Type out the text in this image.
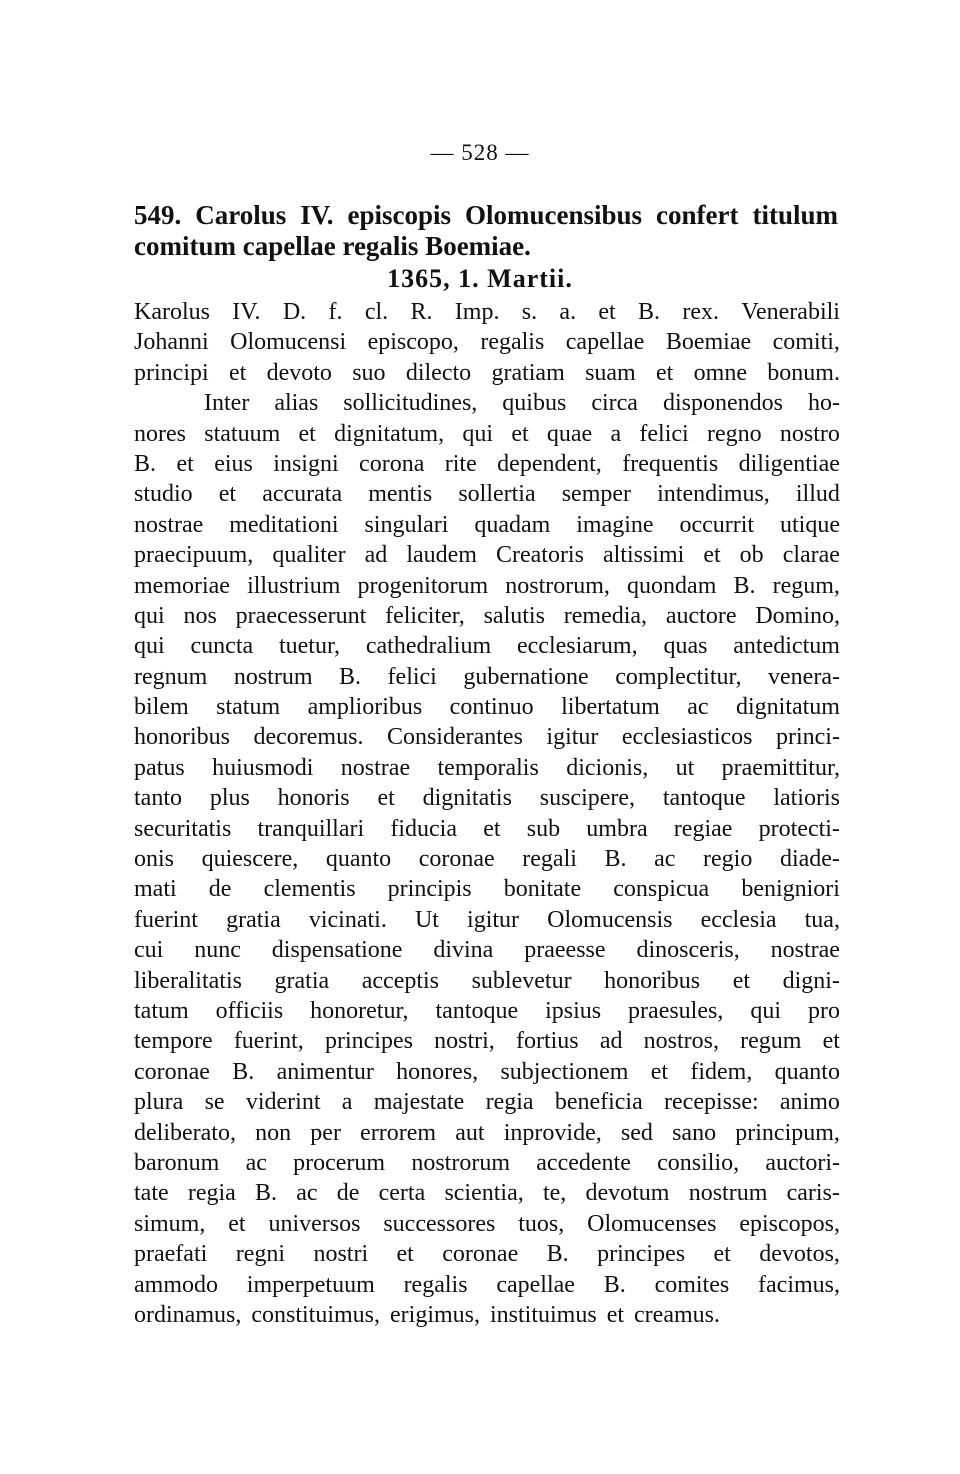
— 528 —
549. Carolus IV. episcopis Olomucensibus confert titulum comitum capellae regalis Boemiae.
1365, 1. Martii.
Karolus IV. D. f. cl. R. Imp. s. a. et B. rex. Venerabili
Johanni Olomucensi episcopo, regalis capellae Boemiae comiti,
principi et devoto suo dilecto gratiam suam et omne bonum.
Inter alias sollicitudines, quibus circa disponendos ho-
nores statuum et dignitatum, qui et quae a felici regno nostro
B. et eius insigni corona rite dependent, frequentis diligentiae
studio et accurata mentis sollertia semper intendimus, illud
nostrae meditationi singulari quadam imagine occurrit utique
praecipuum, qualiter ad laudem Creatoris altissimi et ob clarae
memoriae illustrium progenitorum nostrorum, quondam B. regum,
qui nos praecesserunt feliciter, salutis remedia, auctore Domino,
qui cuncta tuetur, cathedralium ecclesiarum, quas antedictum
regnum nostrum B. felici gubernatione complectitur, venera-
bilem statum amplioribus continuo libertatum ac dignitatum
honoribus decoremus. Considerantes igitur ecclesiasticos princi-
patus huiusmodi nostrae temporalis dicionis, ut praemittitur,
tanto plus honoris et dignitatis suscipere, tantoque latioris
securitatis tranquillari fiducia et sub umbra regiae protecti-
onis quiescere, quanto coronae regali B. ac regio diade-
mati de clementis principis bonitate conspicua benigniori
fuerint gratia vicinati. Ut igitur Olomucensis ecclesia tua,
cui nunc dispensatione divina praeesse dinosceris, nostrae
liberalitatis gratia acceptis sublevetur honoribus et digni-
tatum officiis honoretur, tantoque ipsius praesules, qui pro
tempore fuerint, principes nostri, fortius ad nostros, regum et
coronae B. animentur honores, subjectionem et fidem, quanto
plura se viderint a majestate regia beneficia recepisse: animo
deliberato, non per errorem aut inprovide, sed sano principum,
baronum ac procerum nostrorum accedente consilio, auctori-
tate regia B. ac de certa scientia, te, devotum nostrum caris-
simum, et universos successores tuos, Olomucenses episcopos,
praefati regni nostri et coronae B. principes et devotos,
ammodo imperpetuum regalis capellae B. comites facimus,
ordinamus, constituimus, erigimus, instituimus et creamus.
